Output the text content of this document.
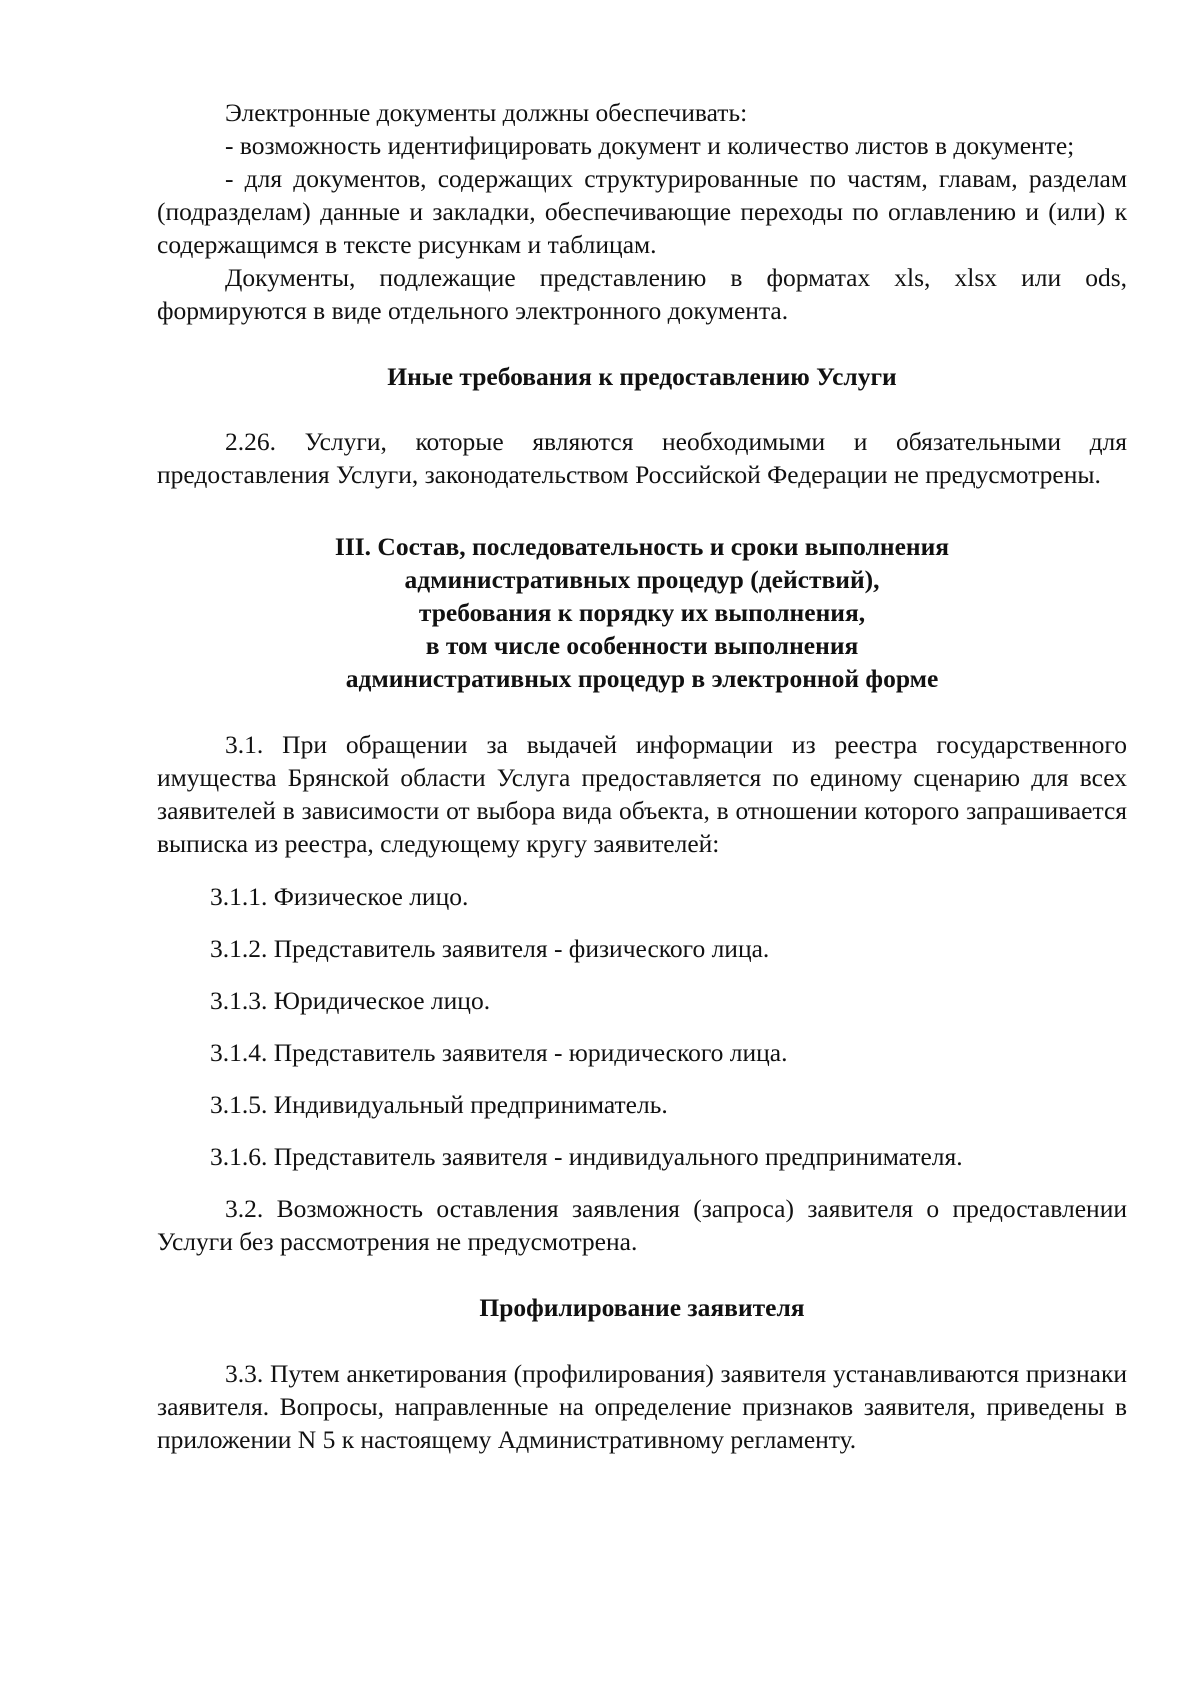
Электронные документы должны обеспечивать:

- возможность идентифицировать документ и количество листов в документе;

- для документов, содержащих структурированные по частям, главам, разделам (подразделам) данные и закладки, обеспечивающие переходы по оглавлению и (или) к содержащимся в тексте рисункам и таблицам.

Документы, подлежащие представлению в форматах xls, xlsx или ods, формируются в виде отдельного электронного документа.

Иные требования к предоставлению Услуги

2.26. Услуги, которые являются необходимыми и обязательными для предоставления Услуги, законодательством Российской Федерации не предусмотрены.

III. Состав, последовательность и сроки выполнения
административных процедур (действий),
требования к порядку их выполнения,
в том числе особенности выполнения
административных процедур в электронной форме

3.1. При обращении за выдачей информации из реестра государственного имущества Брянской области Услуга предоставляется по единому сценарию для всех заявителей в зависимости от выбора вида объекта, в отношении которого запрашивается выписка из реестра, следующему кругу заявителей:

3.1.1. Физическое лицо.

3.1.2. Представитель заявителя - физического лица.

3.1.3. Юридическое лицо.

3.1.4. Представитель заявителя - юридического лица.

3.1.5. Индивидуальный предприниматель.

3.1.6. Представитель заявителя - индивидуального предпринимателя.

3.2. Возможность оставления заявления (запроса) заявителя о предоставлении Услуги без рассмотрения не предусмотрена.

Профилирование заявителя

3.3. Путем анкетирования (профилирования) заявителя устанавливаются признаки заявителя. Вопросы, направленные на определение признаков заявителя, приведены в приложении N 5 к настоящему Административному регламенту.
